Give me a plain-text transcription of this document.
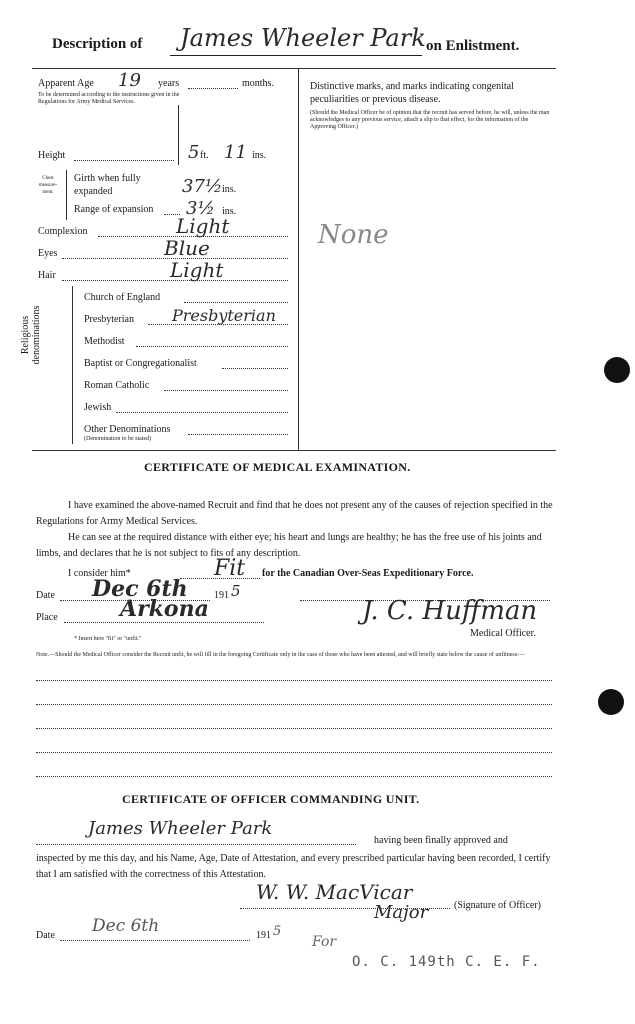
Description of James Wheeler Park on Enlistment.
Apparent Age 19 years	months.
To be determined according to the instructions given in the Regulations for Army Medical Services.
Distinctive marks, and marks indicating congenital peculiarities or previous disease.
(Should the Medical Officer be of opinion that the recruit has served before, he will, unless the man acknowledges to any previous service, attach a slip to that effect, for the information of the Approving Officer.)
None
Height	5 ft. 11 ins.
Chest measure-ment.
Girth when fully expanded	37½ ins.
Range of expansion 3½ ins.
Complexion	Light
Eyes	Blue
Hair	Light
Religious denominations
Church of England
Presbyterian Presbyterian
Methodist
Baptist or Congregationalist
Roman Catholic
Jewish
Other Denominations
(Denomination to be stated)
CERTIFICATE OF MEDICAL EXAMINATION.

I have examined the above-named Recruit and find that he does not present any of the causes of rejection specified in the Regulations for Army Medical Services.

He can see at the required distance with either eye; his heart and lungs are healthy; he has the free use of his joints and limbs, and declares that he is not subject to fits of any description.

I consider him*	Fit for the Canadian Over-Seas Expeditionary Force.
Date Dec 6th	191 5
Place	Arkona	J. C. Huffman
Medical Officer.
* Insert here "fit" or "unfit."
Note.—Should the Medical Officer consider the Recruit unfit, he will fill in the foregoing Certificate only in the case of those who have been attested, and will briefly state below the cause of unfitness:—
CERTIFICATE OF OFFICER COMMANDING UNIT.
James Wheeler Park
having been finally approved and

inspected by me this day, and his Name, Age, Date of Attestation, and every prescribed particular having been recorded, I certify that I am satisfied with the correctness of this Attestation.

W. W. MacVicar
(Signature of Officer)
Major
Date Dec 6th	191 5
For
O. C. 149th C. E. F.
